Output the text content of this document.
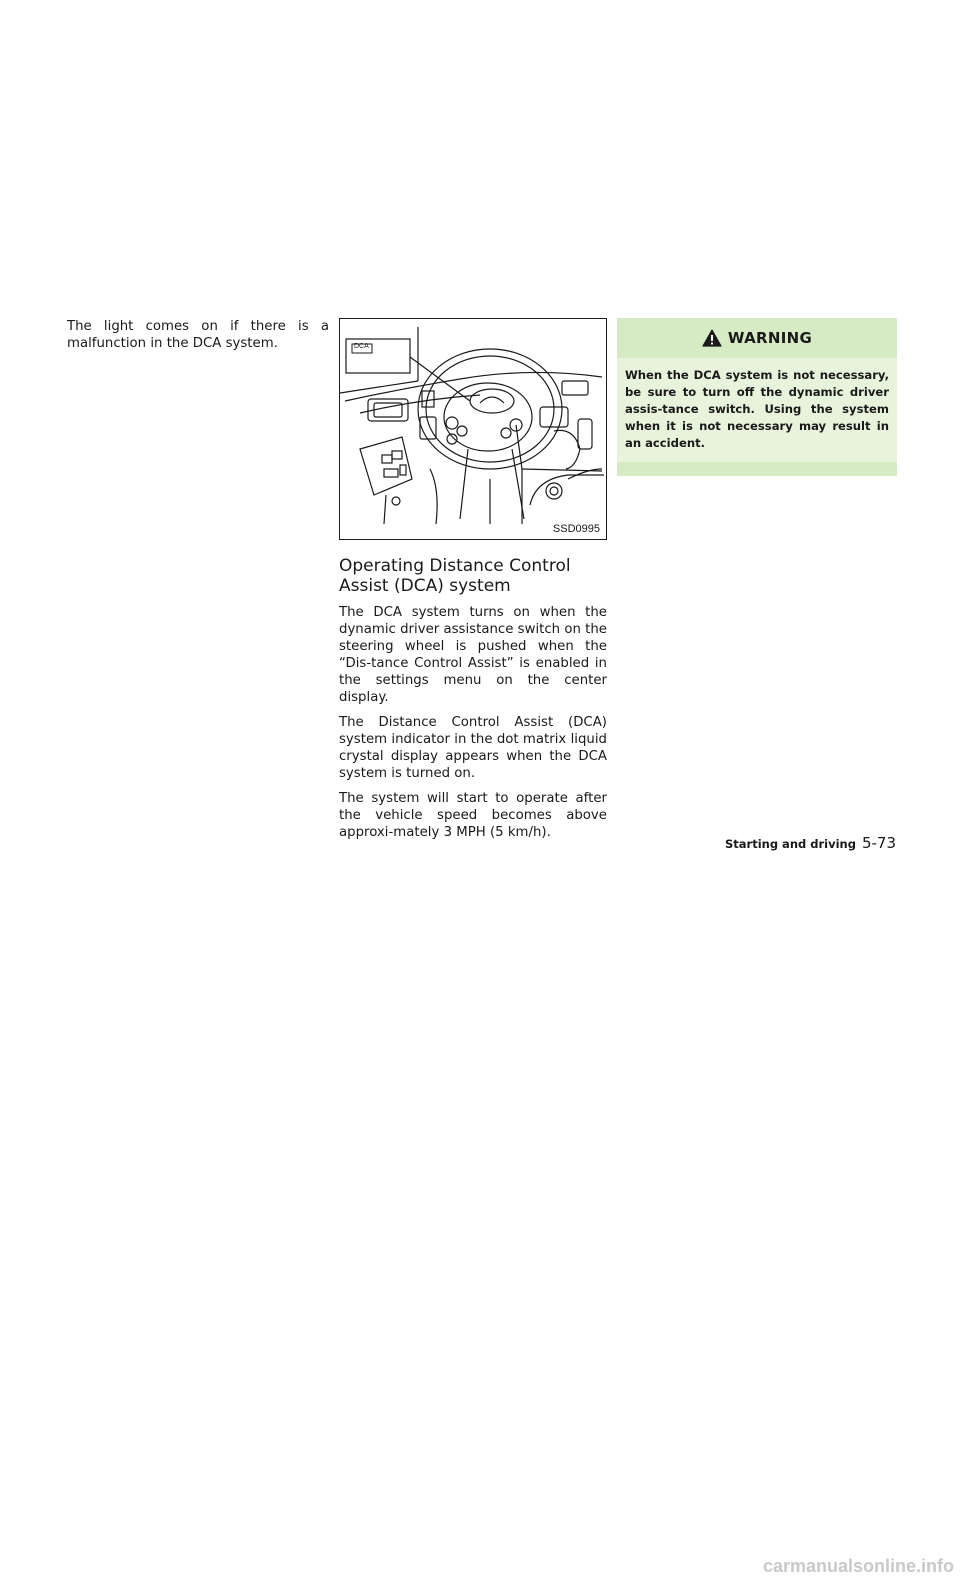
The light comes on if there is a malfunction in the DCA system.	DCA
SSD0995
Operating Distance Control Assist (DCA) system

The DCA system turns on when the dynamic driver assistance switch on the steering wheel is pushed when the “Dis-tance Control Assist” is enabled in the settings menu on the center display.

The Distance Control Assist (DCA) system indicator in the dot matrix liquid crystal display appears when the DCA system is turned on.

The system will start to operate after the vehicle speed becomes above approxi-mately 3 MPH (5 km/h).

WARNING
When the DCA system is not necessary, be sure to turn off the dynamic driver assis-tance switch. Using the system when it is not necessary may result in an accident.
Starting and driving 5-73
carmanualsonline.info
